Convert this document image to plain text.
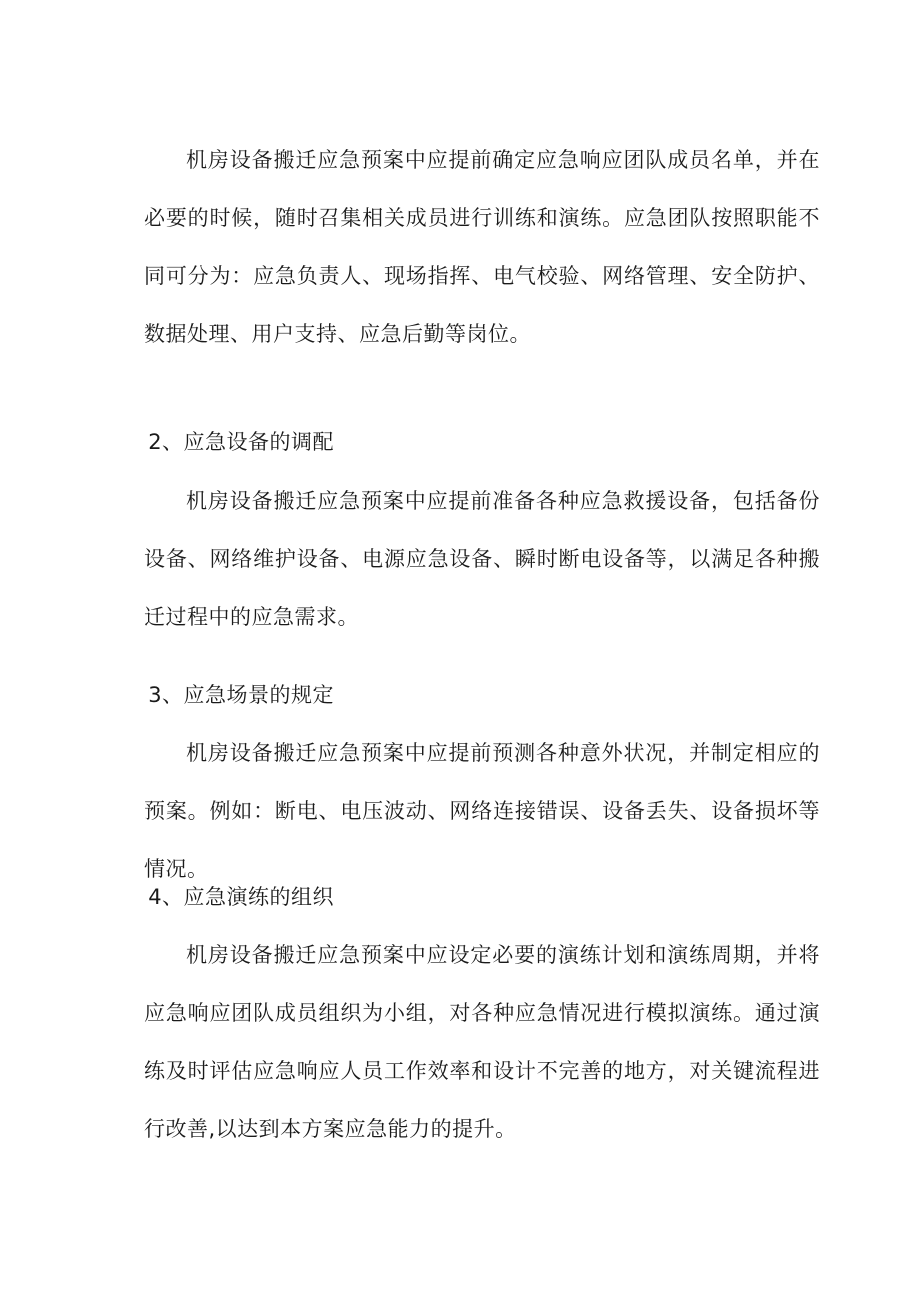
机房设备搬迁应急预案中应提前确定应急响应团队成员名单，并在必要的时候，随时召集相关成员进行训练和演练。应急团队按照职能不同可分为：应急负责人、现场指挥、电气校验、网络管理、安全防护、数据处理、用户支持、应急后勤等岗位。

2、应急设备的调配

机房设备搬迁应急预案中应提前准备各种应急救援设备，包括备份设备、网络维护设备、电源应急设备、瞬时断电设备等，以满足各种搬迁过程中的应急需求。

3、应急场景的规定

机房设备搬迁应急预案中应提前预测各种意外状况，并制定相应的预案。例如：断电、电压波动、网络连接错误、设备丢失、设备损坏等情况。

4、应急演练的组织

机房设备搬迁应急预案中应设定必要的演练计划和演练周期，并将应急响应团队成员组织为小组，对各种应急情况进行模拟演练。通过演练及时评估应急响应人员工作效率和设计不完善的地方，对关键流程进行改善,以达到本方案应急能力的提升。
